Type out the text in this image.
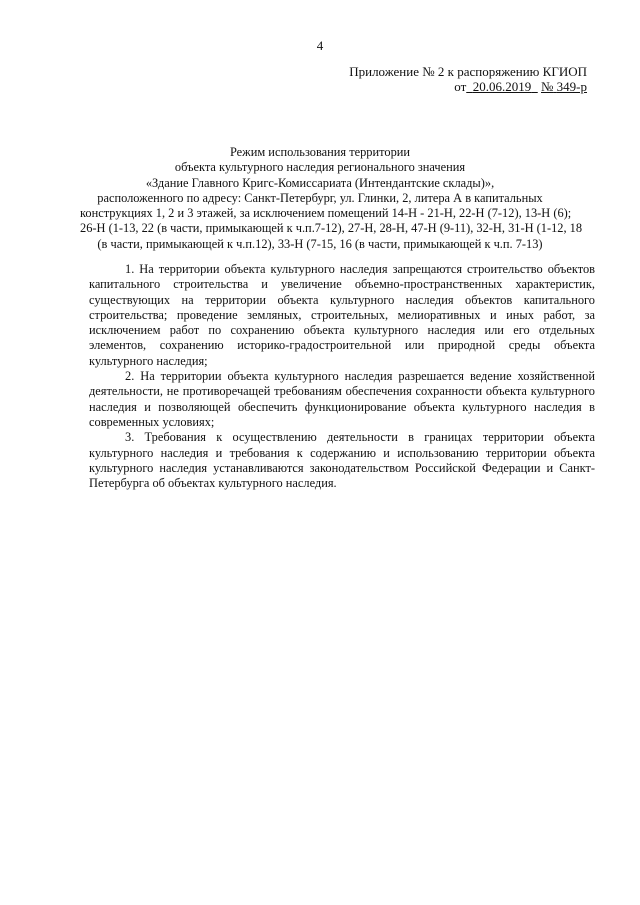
4
Приложение № 2 к распоряжению КГИОП
от 20.06.2019 № 349-р
Режим использования территории
объекта культурного наследия регионального значения
«Здание Главного Кригс-Комиссариата (Интендантские склады)»,
расположенного по адресу: Санкт-Петербург, ул. Глинки, 2, литера А в капитальных
конструкциях 1, 2 и 3 этажей, за исключением помещений 14-Н - 21-Н, 22-Н (7-12), 13-Н (6);
26-Н (1-13, 22 (в части, примыкающей к ч.п.7-12), 27-Н, 28-Н, 47-Н (9-11), 32-Н, 31-Н (1-12, 18
(в части, примыкающей к ч.п.12), 33-Н (7-15, 16 (в части, примыкающей к ч.п. 7-13)

1. На территории объекта культурного наследия запрещаются строительство объектов капитального строительства и увеличение объемно-пространственных характеристик, существующих на территории объекта культурного наследия объектов капитального строительства; проведение земляных, строительных, мелиоративных и иных работ, за исключением работ по сохранению объекта культурного наследия или его отдельных элементов, сохранению историко-градостроительной или природной среды объекта культурного наследия;

2. На территории объекта культурного наследия разрешается ведение хозяйственной деятельности, не противоречащей требованиям обеспечения сохранности объекта культурного наследия и позволяющей обеспечить функционирование объекта культурного наследия в современных условиях;

3. Требования к осуществлению деятельности в границах территории объекта культурного наследия и требования к содержанию и использованию территории объекта культурного наследия устанавливаются законодательством Российской Федерации и Санкт-Петербурга об объектах культурного наследия.
